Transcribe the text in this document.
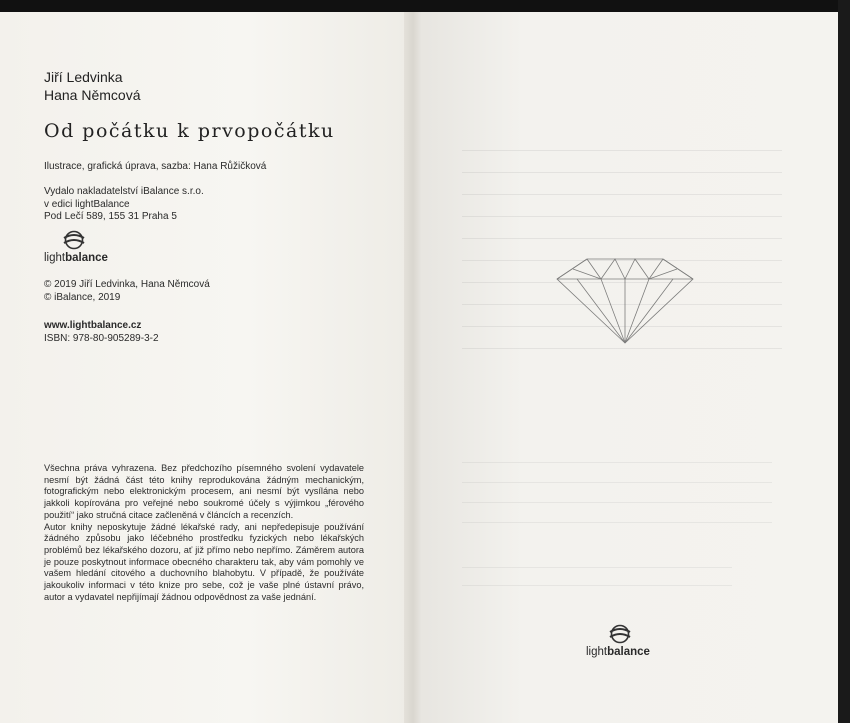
Jiří Ledvinka
Hana Němcová
Od počátku k prvopočátku
Ilustrace, grafická úprava, sazba: Hana Růžičková
Vydalo nakladatelství iBalance s.r.o.
v edici lightBalance
Pod Lečí 589, 155 31 Praha 5
lightbalance
© 2019 Jiří Ledvinka, Hana Němcová
© iBalance, 2019
www.lightbalance.cz
ISBN: 978-80-905289-3-2

Všechna práva vyhrazena. Bez předchozího písemného svolení vydavatele nesmí být žádná část této knihy reprodukována žádným mechanickým, fotografickým nebo elektronickým procesem, ani nesmí být vysílána nebo jakkoli kopírována pro veřejné nebo soukromé účely s výjimkou „férového použití“ jako stručná citace začleněná v článcích a recenzích.

Autor knihy neposkytuje žádné lékařské rady, ani nepředepisuje používání žádného způsobu jako léčebného prostředku fyzických nebo lékařských problémů bez lékařského dozoru, ať již přímo nebo nepřímo. Záměrem autora je pouze poskytnout informace obecného charakteru tak, aby vám pomohly ve vašem hledání citového a duchovního blahobytu. V případě, že používáte jakoukoliv informaci v této knize pro sebe, což je vaše plné ústavní právo, autor a vydavatel nepřijímají žádnou odpovědnost za vaše jednání.

lightbalance
